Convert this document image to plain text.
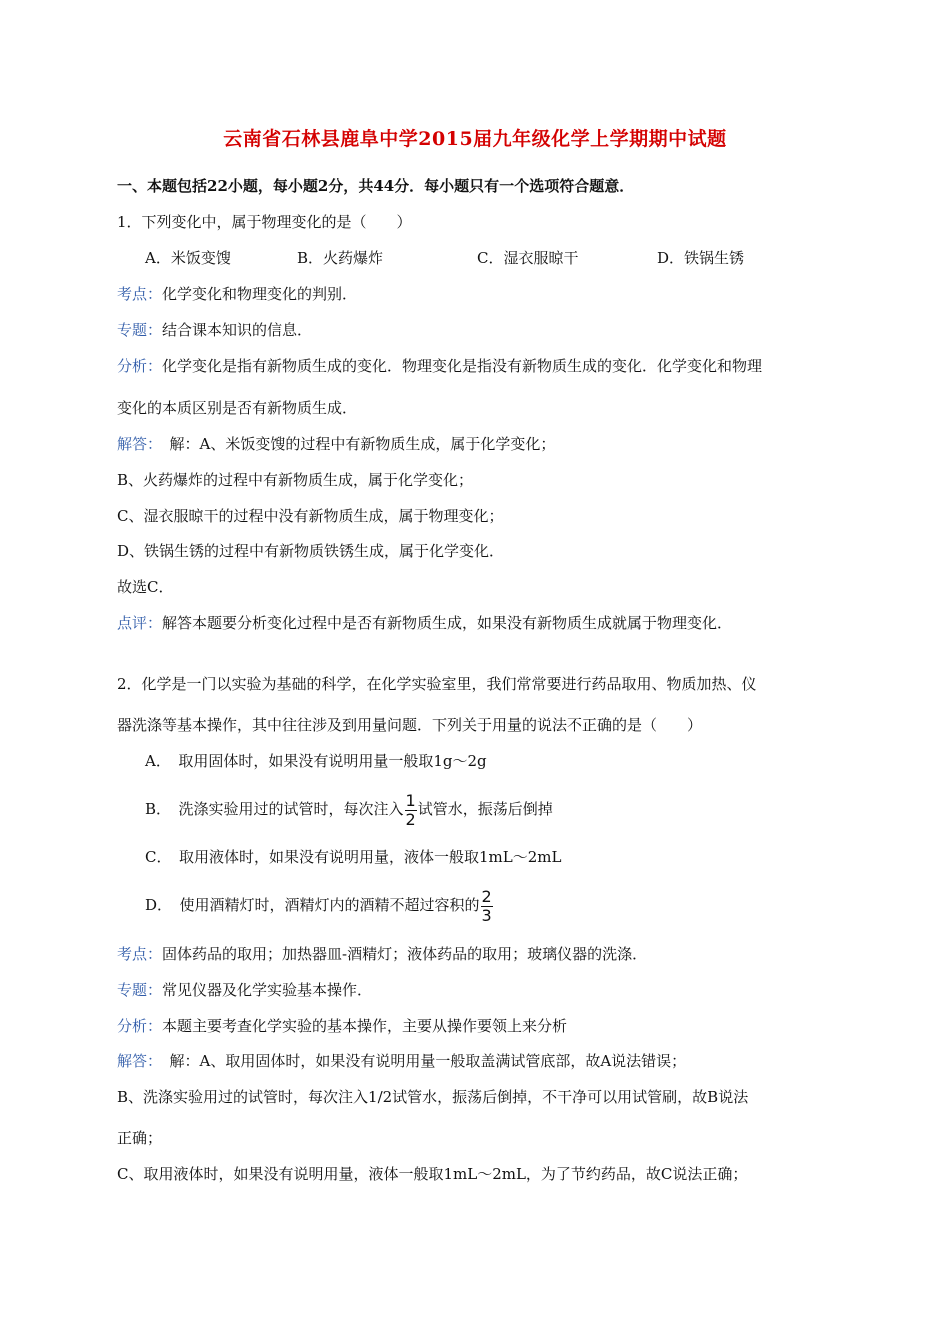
云南省石林县鹿阜中学2015届九年级化学上学期期中试题
一、本题包括22小题，每小题2分，共44分．每小题只有一个选项符合题意．
1．下列变化中，属于物理变化的是（　　）
A．米饭变馊	B．火药爆炸	C．湿衣服晾干	D．铁锅生锈
考点：化学变化和物理变化的判别．
专题：结合课本知识的信息．
分析：化学变化是指有新物质生成的变化．物理变化是指没有新物质生成的变化．化学变化和物理
变化的本质区别是否有新物质生成．
解答：　解：A、米饭变馊的过程中有新物质生成，属于化学变化；
B、火药爆炸的过程中有新物质生成，属于化学变化；
C、湿衣服晾干的过程中没有新物质生成，属于物理变化；
D、铁锅生锈的过程中有新物质铁锈生成，属于化学变化．
故选C．
点评：解答本题要分析变化过程中是否有新物质生成，如果没有新物质生成就属于物理变化．
2．化学是一门以实验为基础的科学，在化学实验室里，我们常常要进行药品取用、物质加热、仪
器洗涤等基本操作，其中往往涉及到用量问题．下列关于用量的说法不正确的是（　　）
A．　取用固体时，如果没有说明用量一般取1g～2g
B．　洗涤实验用过的试管时，每次注入 $\frac{1}{2}$ 试管水，振荡后倒掉
C．　取用液体时，如果没有说明用量，液体一般取1mL～2mL
D．　使用酒精灯时，酒精灯内的酒精不超过容积的 $\frac{2}{3}$
考点：固体药品的取用；加热器皿-酒精灯；液体药品的取用；玻璃仪器的洗涤．
专题：常见仪器及化学实验基本操作．
分析：本题主要考查化学实验的基本操作，主要从操作要领上来分析
解答：　解：A、取用固体时，如果没有说明用量一般取盖满试管底部，故A说法错误；
B、洗涤实验用过的试管时，每次注入1/2试管水，振荡后倒掉，不干净可以用试管刷，故B说法
正确；
C、取用液体时，如果没有说明用量，液体一般取1mL～2mL，为了节约药品，故C说法正确；
